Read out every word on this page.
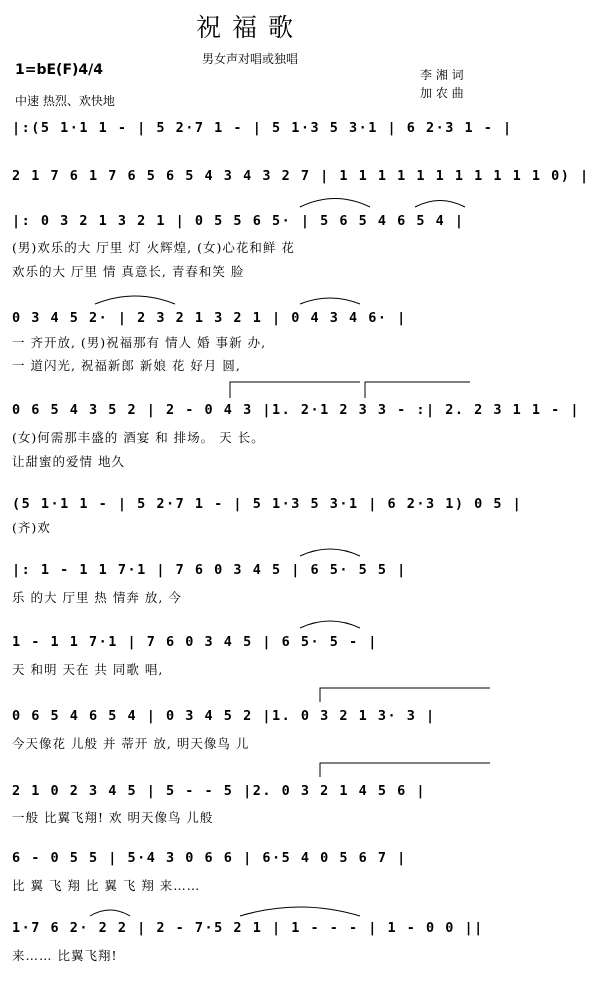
祝福歌
男女声对唱或独唱
1=bE(F)4/4	李 湘 词
加 农 曲
中速 热烈、欢快地
|:(5 1·1 1 - | 5 2·7 1 - | 5 1·3 5 3·1 | 6 2·3 1 - |
2 1 7 6 1 7 6 5 6 5 4 3 4 3 2 7 | 1 1 1 1 1 1 1 1 1 1 1 0) |
|: 0 3 2 1 3 2 1 | 0 5 5 6 5· | 5 6 5 4 6 5 4 |
(男)欢乐的大 厅里 灯 火辉煌, (女)心花和鲜 花
欢乐的大 厅里 情 真意长, 青春和笑 脸
0 3 4 5 2· | 2 3 2 1 3 2 1 | 0 4 3 4 6· |
一 齐开放, (男)祝福那有 情人 婚 事新 办,
一 道闪光, 祝福新郎 新娘 花 好月 圆,
0 6 5 4 3 5 2 | 2 - 0 4 3 |1. 2·1 2 3 3 - :| 2. 2 3 1 1 - |
(女)何需那丰盛的 酒宴 和 排场。 天 长。
让甜蜜的爱情 地久
(5 1·1 1 - | 5 2·7 1 - | 5 1·3 5 3·1 | 6 2·3 1) 0 5 |
(齐)欢
|: 1 - 1 1 7·1 | 7 6 0 3 4 5 | 6 5· 5 5 |
乐 的大 厅里 热 情奔 放, 今
1 - 1 1 7·1 | 7 6 0 3 4 5 | 6 5· 5 - |
天 和明 天在 共 同歌 唱,
0 6 5 4 6 5 4 | 0 3 4 5 2 |1. 0 3 2 1 3· 3 |
今天像花 儿般 并 蒂开 放, 明天像鸟 儿
2 1 0 2 3 4 5 | 5 - - 5 |2. 0 3 2 1 4 5 6 |
一般 比翼飞翔! 欢 明天像鸟 儿般
6 - 0 5 5 | 5·4 3 0 6 6 | 6·5 4 0 5 6 7 |
比 翼 飞 翔 比 翼 飞 翔 来……
1·7 6 2· 2 2 | 2 - 7·5 2 1 | 1 - - - | 1 - 0 0 ||
来…… 比翼飞翔!
